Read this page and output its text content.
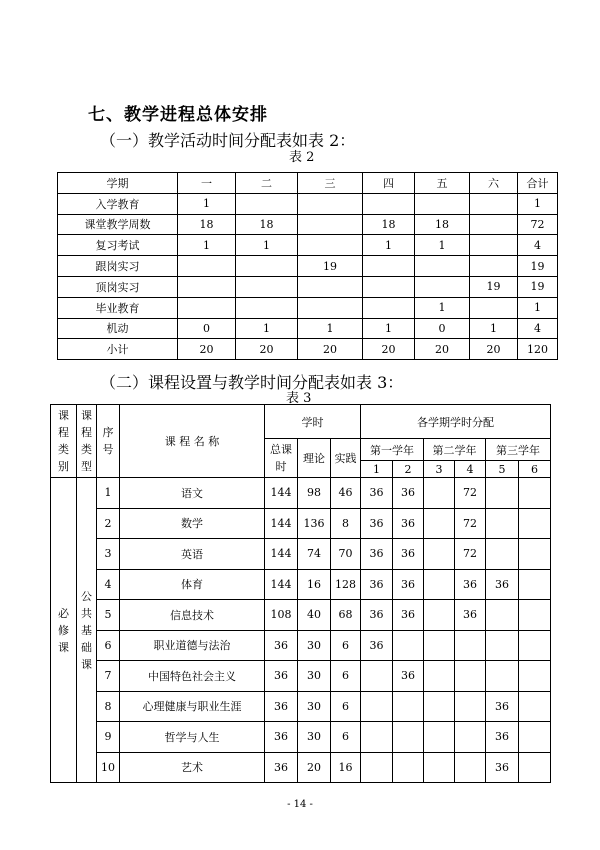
七、教学进程总体安排
（一）教学活动时间分配表如表 2：
表 2
学期	一	二	三	四	五	六	合计
入学教育	1						1
课堂教学周数	18	18		18	18		72
复习考试	1	1		1	1		4
跟岗实习			19				19
顶岗实习						19	19
毕业教育					1		1
机动	0	1	1	1	0	1	4
小计	20	20	20	20	20	20	120
（二）课程设置与教学时间分配表如表 3：
表 3
课程类别	课程类型	序号	课 程 名 称	学时			各学期学时分配					
				总课时	理论	实践	第一学年		第二学年		第三学年	
							1	2	3	4	5	6
必修课	公共基础课	1	语文	144	98	46	36	36		72		
		2	数学	144	136	8	36	36		72		
		3	英语	144	74	70	36	36		72		
		4	体育	144	16	128	36	36		36	36	
		5	信息技术	108	40	68	36	36		36		
		6	职业道德与法治	36	30	6	36					
		7	中国特色社会主义	36	30	6		36				
		8	心理健康与职业生涯	36	30	6					36	
		9	哲学与人生	36	30	6					36	
		10	艺术	36	20	16					36	
- 14 -
